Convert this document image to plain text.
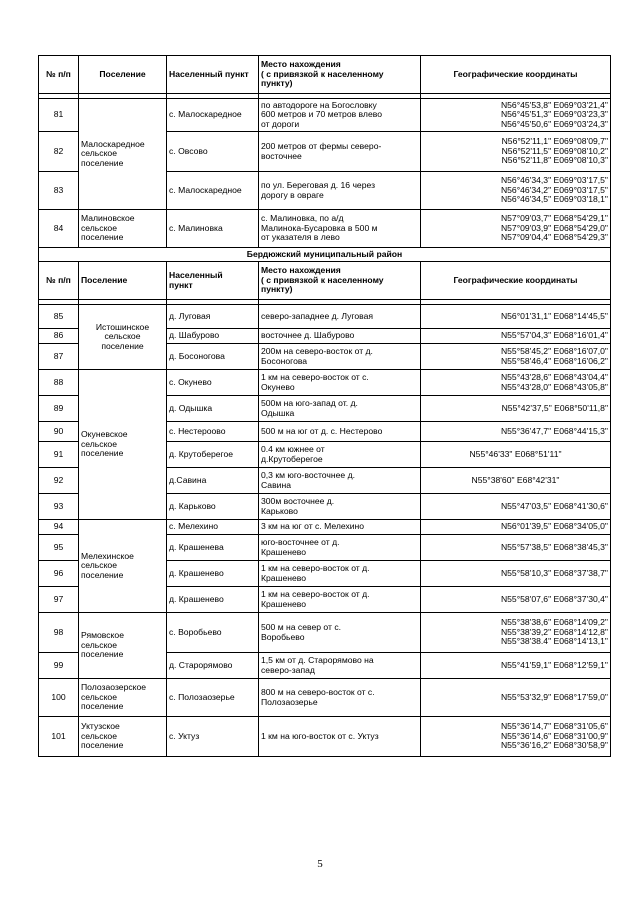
№ п/п	Поселение	Населенный пункт	Место нахождения
( с привязкой к населенному
пункту)	Географические координаты

81	Малоскаредное
сельское
поселение	с. Малоскаредное	по автодороге на Богословку
600 метров и 70 метров влево
от дороги	N56°45'53,8" E069°03'21,4"
N56°45'51,3" E069°03'23,3"
N56°45'50,6" E069°03'24,3"
82		с. Овсово	200 метров от фермы северо-
восточнее	N56°52'11,1" E069°08'09,7"
N56°52'11,5" E069°08'10,2"
N56°52'11,8" E069°08'10,3"
83		с. Малоскаредное	по ул. Береговая д. 16 через
дорогу в овраге	N56°46'34,3" E069°03'17,5"
N56°46'34,2" E069°03'17,5"
N56°46'34,5" E069°03'18,1"
84	Малиновское
сельское
поселение	с. Малиновка	с. Малиновка, по а/д
Малинока-Бусаровка в 500 м
от указателя в лево	N57°09'03,7" E068°54'29,1"
N57°09'03,9" E068°54'29,0"
N57°09'04,4" E068°54'29,3"
Бердюжский муниципальный район				
№ п/п	Поселение	Населенный
пункт	Место нахождения
( с привязкой к населенному
пункту)	Географические координаты

85	Истошинское
сельское
поселение	д. Луговая	северо-западнее д. Луговая	N56°01'31,1" E068°14'45,5"
86		д. Шабурово	восточнее д. Шабурово	N55°57'04,3" E068°16'01,4"
87		д. Босоногова	200м на северо-восток от д.
Босоногова	N55°58'45,2" E068°16'07,0"
N55°58'46,4" E068°16'06,2"
88	Окуневское
сельское
поселение	с. Окунево	1 км на северо-восток от с.
Окунево	N55°43'28,6" E068°43'04,4"
N55°43'28,0" E068°43'05,8"
89		д. Одышка	500м на юго-запад от. д.
Одышка	N55°42'37,5" E068°50'11,8"
90		с. Нестероово	500 м на юг от д. с. Нестерово	N55°36'47,7" E068°44'15,3"
91		д. Крутоберегое	0.4 км южнее от
д.Крутоберегое	N55°46'33" E068°51'11"
92		д.Савина	0,3 км юго-восточнее д.
Савина	N55°38'60" E68°42'31"
93		д. Карьково	300м восточнее д.
Карьково	N55°47'03,5" E068°41'30,6"
94	Мелехинское
сельское
поселение	с. Мелехино	3 км на юг от с. Мелехино	N56°01'39,5" E068°34'05,0"
95		д. Крашенева	юго-восточнее от д.
Крашенево	N55°57'38,5" E068°38'45,3"
96		д. Крашенево	1 км на северо-восток от д.
Крашенево	N55°58'10,3" E068°37'38,7"
97		д. Крашенево	1 км на северо-восток от д.
Крашенево	N55°58'07,6" E068°37'30,4"
98	Рямовское
сельское
поселение	с. Воробьево	500 м на север от с.
Воробьево	N55°38'38,6" E068°14'09,2"
N55°38'39,2" E068°14'12,8"
N55°38'38.4" E068°14'13,1"
99		д. Старорямово	1,5 км от д. Старорямово на
северо-запад	N55°41'59,1" E068°12'59,1"
100	Полозаозерское
сельское
поселение	с. Полозаозерье	800 м на северо-восток от с.
Полозаозерье	N55°53'32,9" E068°17'59,0"
101	Уктузское
сельское
поселение	с. Уктуз	1 км на юго-восток от с. Уктуз	N55°36'14,7" E068°31'05,6"
N55°36'14,6" E068°31'00,9"
N55°36'16,2" E068°30'58,9"
5
